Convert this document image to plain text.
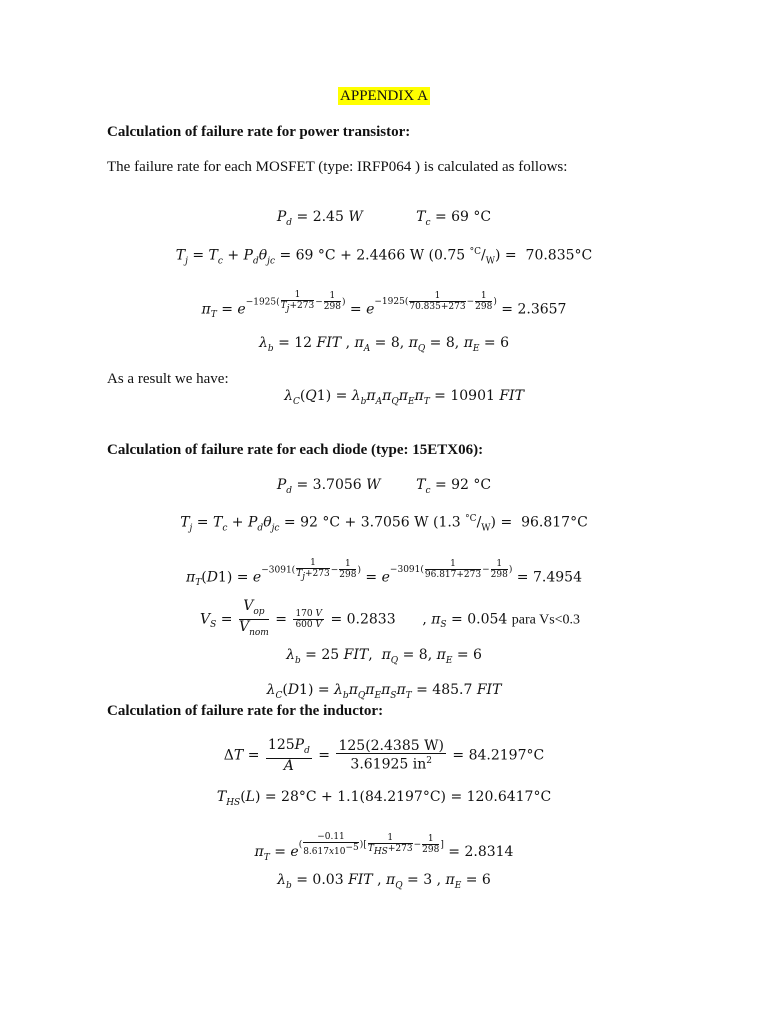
APPENDIX A
Calculation of failure rate for power transistor:
The failure rate for each MOSFET (type: IRFP064 ) is calculated as follows:
$P_d = 2.45$ W	$T_c = 69$ °C
$T_j = T_c + P_d\theta_{jc} = 69$ °C + 2.4466 W (0.75 $^{^\circ C}/_W) = 70.835^\circ C$
$\pi_T = e-1925( \frac{1}{T_j+273} - \frac{1}{298}$ ) = $e-1925( \frac{1}{70.835+273} - \frac{1}{298}$ ) = 2.3657
$\lambda_b = 12$ FIT , $\pi_A = 8$, $\pi_Q = 8$, $\pi_E = 6$
As a result we have:
$\lambda_C(Q1) = \lambda_b\pi_A\pi_Q\pi_E\pi_T = 10901$ FIT
Calculation of failure rate for each diode (type: 15ETX06):
$P_d = 3.7056$ W	$T_c = 92$ °C
$T_j = T_c + P_d\theta_{jc} = 92$ °C + 3.7056 W (1.3 $^{^\circ C}/_W) = 96.817^\circ C$
$\pi_T(D1) = e-3091( \frac{1}{T_j+273} - \frac{1}{298}$ ) = $e-3091( \frac{1}{96.817+273} - \frac{1}{298}$ ) = 7.4954
$V_S = \frac{V_{op}}{V_{nom}} = \frac{170 V}{600 V} = 0.2833$      , $\pi_S = 0.054$ para Vs<0.3
$\lambda_b = 25$ FIT,  $\pi_Q = 8$, $\pi_E = 6$
$\lambda_C(D1) = \lambda_b\pi_Q\pi_E\pi_S\pi_T = 485.7$ FIT
Calculation of failure rate for the inductor:
$\Delta T = \frac{125P_d}{A} = \frac{125(2.4385 W)}{3.61925 in^2} = 84.2197^\circ C$
$T_{HS}(L) = 28^\circ C + 1.1(84.2197^\circ C) = 120.6417^\circ C$
$\pi_T = e( \frac{-0.11}{8.617x10^{-5}}$ )[ $\frac{1}{T_{HS}+273} - \frac{1}{298}$ ] = 2.8314
$\lambda_b = 0.03$ FIT , $\pi_Q = 3$ , $\pi_E = 6$
